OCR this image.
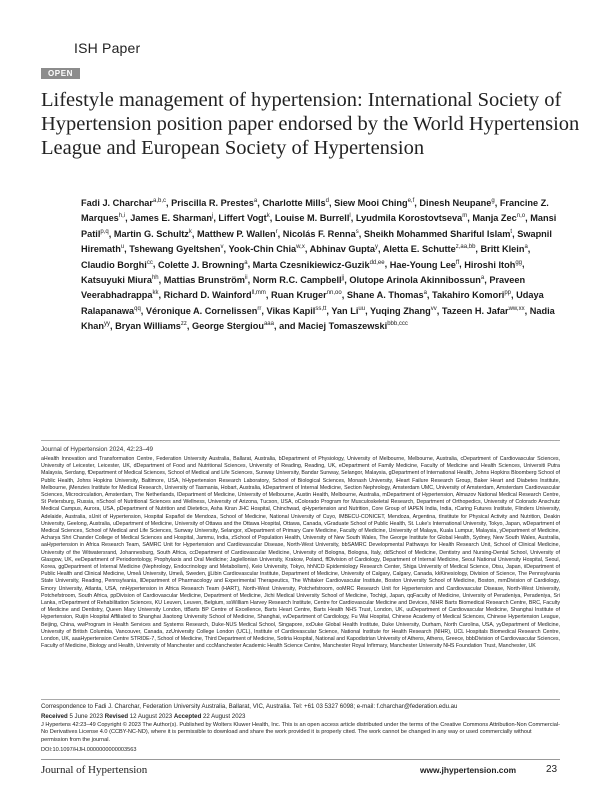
ISH Paper
OPEN
Lifestyle management of hypertension: International Society of Hypertension position paper endorsed by the World Hypertension League and European Society of Hypertension
Fadi J. Charchar$^{a,b,c}$, Priscilla R. Prestes$^a$, Charlotte Mills$^d$, Siew Mooi Ching$^{e,f}$, Dinesh Neupane$^g$, Francine Z. Marques$^{h,i}$, James E. Sharman$^j$, Liffert Vogt$^k$, Louise M. Burrell$^l$, Lyudmila Korostovtseva$^m$, Manja Zec$^{n,o}$, Mansi Patil$^{p,q}$, Martin G. Schultz$^k$, Matthew P. Wallen$^r$, Nicolás F. Renna$^s$, Sheikh Mohammed Shariful Islam$^t$, Swapnil Hiremath$^u$, Tshewang Gyeltshen$^v$, Yook-Chin Chia$^{w,x}$, Abhinav Gupta$^y$, Aletta E. Schutte$^{z,aa,bb}$, Britt Klein$^a$, Claudio Borghi$^{cc}$, Colette J. Browning$^a$, Marta Czesnikiewicz-Guzik$^{dd,ee}$, Hae-Young Lee$^{ff}$, Hiroshi Itoh$^{gg}$, Katsuyuki Miura$^{hh}$, Mattias Brunström$^{ii}$, Norm R.C. Campbell$^{jj}$, Olutope Arinola Akinnibossun$^a$, Praveen Veerabhadrappa$^{kk}$, Richard D. Wainford$^{ll,mm}$, Ruan Kruger$^{nn,oo}$, Shane A. Thomas$^a$, Takahiro Komori$^{pp}$, Udaya Ralapanawa$^{qq}$, Véronique A. Cornelissen$^{rr}$, Vikas Kapil$^{ss,tt}$, Yan $Li^{uu}$, Yuqing Zhang$^{vv}$, Tazeen H. Jafar$^{ww,xx}$, Nadia Khan$^{yy}$, Bryan Williams$^{zz}$, George Stergiou$^{aaa}$, and Maciej Tomaszewski$^{bbb,ccc}$
Journal of Hypertension 2024, 42:23–49
aHealth Innovation and Transformation Centre, Federation University Australia, Ballarat, Australia, bDepartment of Physiology, University of Melbourne, Melbourne, Australia, cDepartment of Cardiovascular Sciences, University of Leicester, Leicester, UK, dDepartment of Food and Nutritional Sciences, University of Reading, Reading, UK, eDepartment of Family Medicine, Faculty of Medicine and Health Sciences, Universiti Putra Malaysia, Serdang, fDepartment of Medical Sciences, School of Medical and Life Sciences, Sunway University, Bandar Sunway, Selangor, Malaysia, gDepartment of International Health, Johns Hopkins Bloomberg School of Public Health, Johns Hopkins University, Baltimore, USA, hHypertension Research Laboratory, School of Biological Sciences, Monash University, iHeart Failure Research Group, Baker Heart and Diabetes Institute, Melbourne, jMenzies Institute for Medical Research, University of Tasmania, Hobart, Australia, kDepartment of Internal Medicine, Section Nephrology, Amsterdam UMC, University of Amsterdam, Amsterdam Cardiovascular Sciences, Microcirculation, Amsterdam, The Netherlands, lDepartment of Medicine, University of Melbourne, Austin Health, Melbourne, Australia, mDepartment of Hypertension, Almazov National Medical Research Centre, St Petersburg, Russia, nSchool of Nutritional Sciences and Wellness, University of Arizona, Tucson, USA, oColorado Program for Musculoskeletal Research, Department of Orthopedics, University of Colorado Anschutz Medical Campus, Aurora, USA, pDepartment of Nutrition and Dietetics, Asha Kiran JHC Hospital, Chinchwad, qHypertension and Nutrition, Core Group of IAPEN India, India, rCaring Futures Institute, Flinders University, Adelaide, Australia, sUnit of Hypertension, Hospital Español de Mendoza, School of Medicine, National University of Cuyo, IMBECU-CONICET, Mendoza, Argentina, tInstitute for Physical Activity and Nutrition, Deakin University, Geelong, Australia, uDepartment of Medicine, University of Ottawa and the Ottawa Hospital, Ottawa, Canada, vGraduate School of Public Health, St. Luke's International University, Tokyo, Japan, wDepartment of Medical Sciences, School of Medical and Life Sciences, Sunway University, Selangor, xDepartment of Primary Care Medicine, Faculty of Medicine, University of Malaya, Kuala Lumpur, Malaysia, yDepartment of Medicine, Acharya Shri Chander College of Medical Sciences and Hospital, Jammu, India, zSchool of Population Health, University of New South Wales, The George Institute for Global Health, Sydney, New South Wales, Australia, aaHypertension in Africa Research Team, SAMRC Unit for Hypertension and Cardiovascular Disease, North-West University, bbSAMRC Developmental Pathways for Health Research Unit, School of Clinical Medicine, University of the Witwatersrand, Johannesburg, South Africa, ccDepartment of Cardiovascular Medicine, University of Bologna, Bologna, Italy, ddSchool of Medicine, Dentistry and Nursing-Dental School, University of Glasgow, UK, eeDepartment of Periodontology, Prophylaxis and Oral Medicine; Jagiellonian University, Krakow, Poland, ffDivision of Cardiology, Department of Internal Medicine, Seoul National University Hospital, Seoul, Korea, ggDepartment of Internal Medicine (Nephrology, Endocrinology and Metabolism), Keio University, Tokyo, hhNCD Epidemiology Research Center, Shiga University of Medical Science, Otsu, Japan, iiDepartment of Public Health and Clinical Medicine, Umeå University, Umeå, Sweden, jjLibin Cardiovascular Institute, Department of Medicine, University of Calgary, Calgary, Canada, kkKinesiology, Division of Science, The Pennsylvania State University, Reading, Pennsylvania, llDepartment of Pharmacology and Experimental Therapeutics, The Whitaker Cardiovascular Institute, Boston University School of Medicine, Boston, mmDivision of Cardiology, Emory University, Atlanta, USA, nnHypertension in Africa Research Team (HART), North-West University, Potchefstroom, ooMRC Research Unit for Hypertension and Cardiovascular Disease, North-West University, Potchefstroom, South Africa, ppDivision of Cardiovascular Medicine, Department of Medicine, Jichi Medical University School of Medicine, Tochigi, Japan, qqFaculty of Medicine, University of Peradeniya, Peradeniya, Sri Lanka, rrDepartment of Rehabilitation Sciences, KU Leuven, Leuven, Belgium, ssWilliam Harvey Research Institute, Centre for Cardiovascular Medicine and Devices, NIHR Barts Biomedical Research Centre, BRC, Faculty of Medicine and Dentistry, Queen Mary University London, ttBarts BP Centre of Excellence, Barts Heart Centre, Barts Health NHS Trust, London, UK, uuDepartment of Cardiovascular Medicine, Shanghai Institute of Hypertension, Ruijin Hospital Affiliated to Shanghai Jiaotong University School of Medicine, Shanghai, vvDepartment of Cardiology, Fu Wai Hospital, Chinese Academy of Medical Sciences, Chinese Hypertension League, Beijing, China, wwProgram in Health Services and Systems Research, Duke-NUS Medical School, Singapore, xxDuke Global Health Institute, Duke University, Durham, North Carolina, USA, yyDepartment of Medicine, University of British Columbia, Vancouver, Canada, zzUniversity College London (UCL), Institute of Cardiovascular Science, National Institute for Health Research (NIHR), UCL Hospitals Biomedical Research Centre, London, UK, aaaHypertension Centre STRIDE-7, School of Medicine, Third Department of Medicine, Sotiria Hospital, National and Kapodistrian University of Athens, Athens, Greece, bbbDivision of Cardiovascular Sciences, Faculty of Medicine, Biology and Health, University of Manchester and cccManchester Academic Health Science Centre, Manchester Royal Infirmary, Manchester University NHS Foundation Trust, Manchester, UK
Correspondence to Fadi J. Charchar, Federation University Australia, Ballarat, VIC, Australia. Tel: +61 03 5327 6098; e-mail: f.charchar@federation.edu.au
Received 5 June 2023 Revised 12 August 2023 Accepted 22 August 2023
J Hypertens 42:23–49 Copyright © 2023 The Author(s). Published by Wolters Kluwer Health, Inc. This is an open access article distributed under the terms of the Creative Commons Attribution-Non Commercial-No Derivatives License 4.0 (CCBY-NC-ND), where it is permissible to download and share the work provided it is properly cited. The work cannot be changed in any way or used commercially without permission from the journal.
DOI:10.1097/HJH.0000000000003563
Journal of Hypertension	www.jhypertension.com	23
